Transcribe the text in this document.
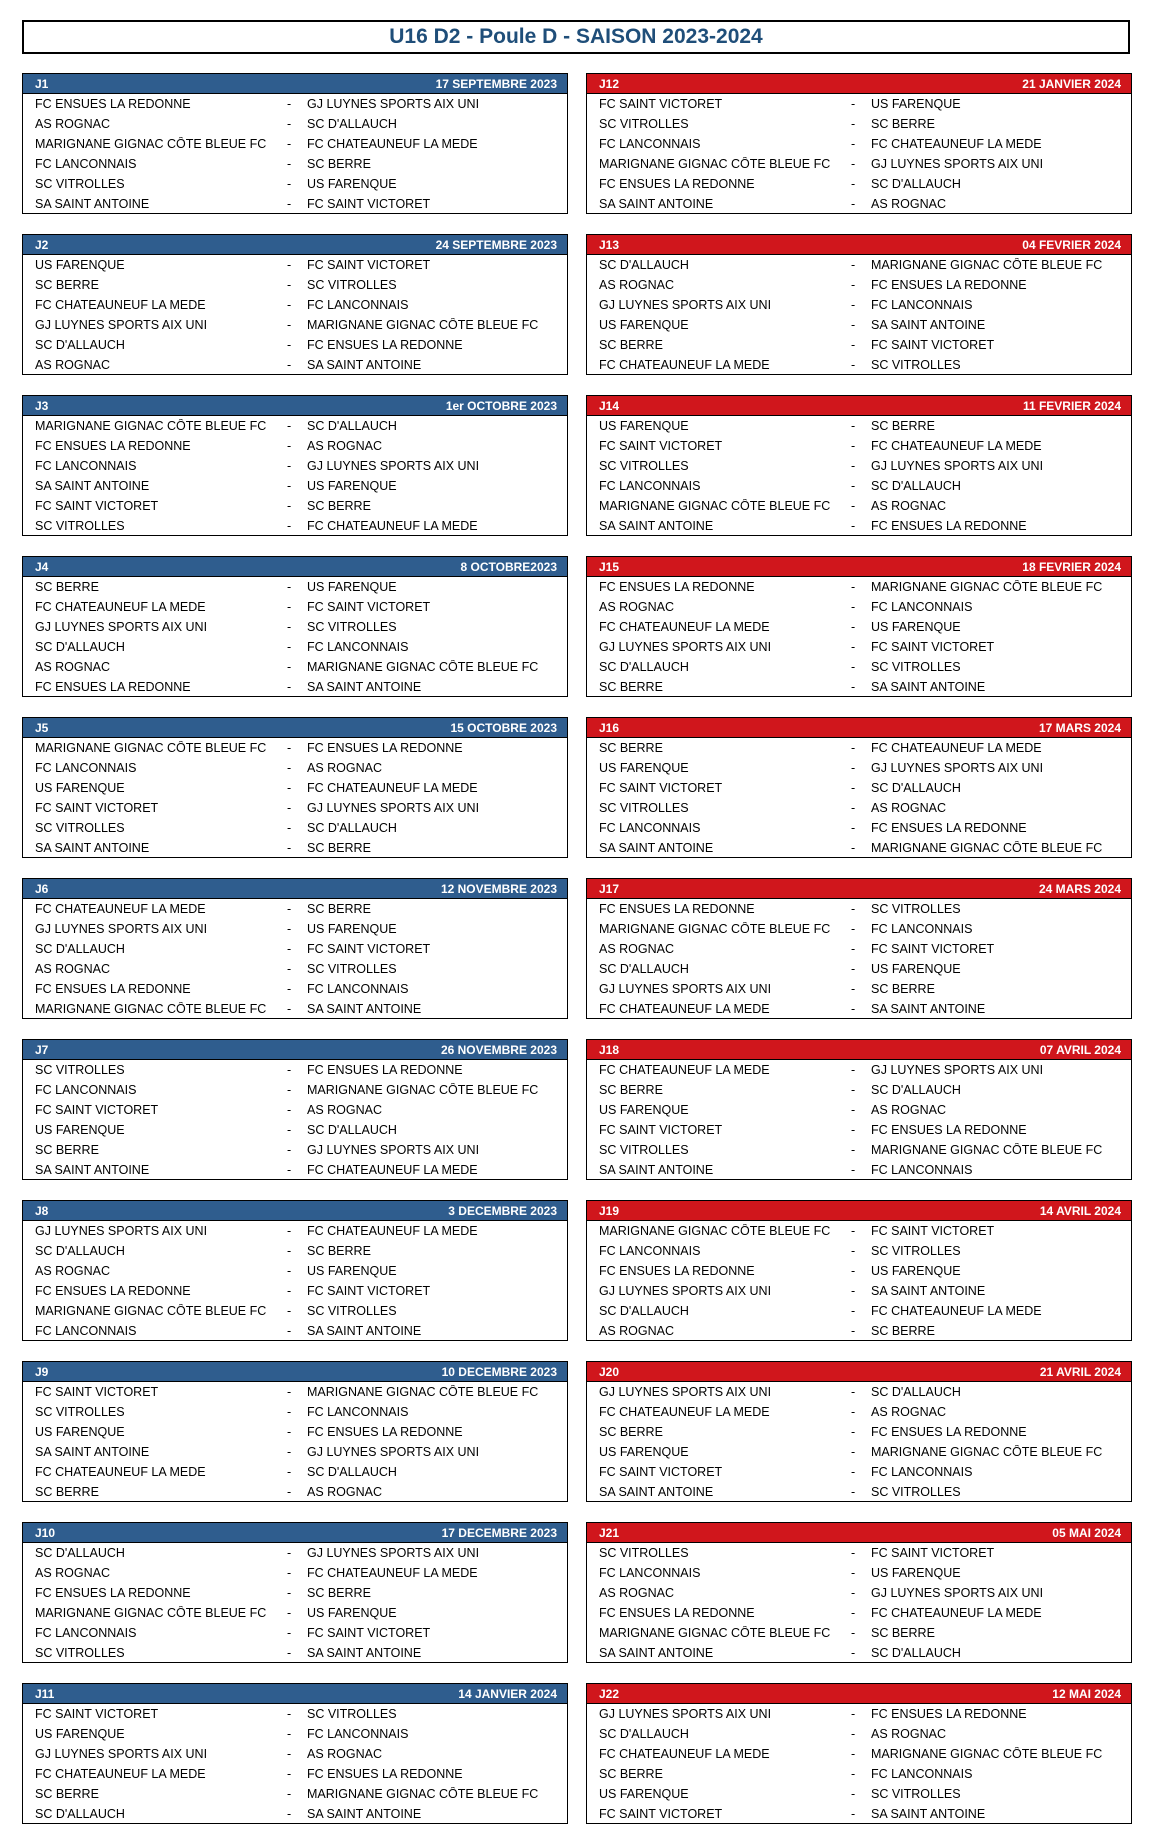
U16 D2 - Poule D - SAISON 2023-2024
J1	17 SEPTEMBRE 2023
FC ENSUES LA REDONNE	-	GJ LUYNES SPORTS AIX UNI
AS ROGNAC	-	SC D'ALLAUCH
MARIGNANE GIGNAC CÔTE BLEUE FC	-	FC CHATEAUNEUF LA MEDE
FC LANCONNAIS	-	SC BERRE
SC VITROLLES	-	US FARENQUE
SA SAINT ANTOINE	-	FC SAINT VICTORET
J12	21 JANVIER 2024
FC SAINT VICTORET	-	US FARENQUE
SC VITROLLES	-	SC BERRE
FC LANCONNAIS	-	FC CHATEAUNEUF LA MEDE
MARIGNANE GIGNAC CÔTE BLEUE FC	-	GJ LUYNES SPORTS AIX UNI
FC ENSUES LA REDONNE	-	SC D'ALLAUCH
SA SAINT ANTOINE	-	AS ROGNAC
J2	24 SEPTEMBRE 2023
US FARENQUE	-	FC SAINT VICTORET
SC BERRE	-	SC VITROLLES
FC CHATEAUNEUF LA MEDE	-	FC LANCONNAIS
GJ LUYNES SPORTS AIX UNI	-	MARIGNANE GIGNAC CÔTE BLEUE FC
SC D'ALLAUCH	-	FC ENSUES LA REDONNE
AS ROGNAC	-	SA SAINT ANTOINE
J13	04 FEVRIER 2024
SC D'ALLAUCH	-	MARIGNANE GIGNAC CÔTE BLEUE FC
AS ROGNAC	-	FC ENSUES LA REDONNE
GJ LUYNES SPORTS AIX UNI	-	FC LANCONNAIS
US FARENQUE	-	SA SAINT ANTOINE
SC BERRE	-	FC SAINT VICTORET
FC CHATEAUNEUF LA MEDE	-	SC VITROLLES
J3	1er OCTOBRE 2023
MARIGNANE GIGNAC CÔTE BLEUE FC	-	SC D'ALLAUCH
FC ENSUES LA REDONNE	-	AS ROGNAC
FC LANCONNAIS	-	GJ LUYNES SPORTS AIX UNI
SA SAINT ANTOINE	-	US FARENQUE
FC SAINT VICTORET	-	SC BERRE
SC VITROLLES	-	FC CHATEAUNEUF LA MEDE
J14	11 FEVRIER 2024
US FARENQUE	-	SC BERRE
FC SAINT VICTORET	-	FC CHATEAUNEUF LA MEDE
SC VITROLLES	-	GJ LUYNES SPORTS AIX UNI
FC LANCONNAIS	-	SC D'ALLAUCH
MARIGNANE GIGNAC CÔTE BLEUE FC	-	AS ROGNAC
SA SAINT ANTOINE	-	FC ENSUES LA REDONNE
J4	8 OCTOBRE2023
SC BERRE	-	US FARENQUE
FC CHATEAUNEUF LA MEDE	-	FC SAINT VICTORET
GJ LUYNES SPORTS AIX UNI	-	SC VITROLLES
SC D'ALLAUCH	-	FC LANCONNAIS
AS ROGNAC	-	MARIGNANE GIGNAC CÔTE BLEUE FC
FC ENSUES LA REDONNE	-	SA SAINT ANTOINE
J15	18 FEVRIER 2024
FC ENSUES LA REDONNE	-	MARIGNANE GIGNAC CÔTE BLEUE FC
AS ROGNAC	-	FC LANCONNAIS
FC CHATEAUNEUF LA MEDE	-	US FARENQUE
GJ LUYNES SPORTS AIX UNI	-	FC SAINT VICTORET
SC D'ALLAUCH	-	SC VITROLLES
SC BERRE	-	SA SAINT ANTOINE
J5	15 OCTOBRE 2023
MARIGNANE GIGNAC CÔTE BLEUE FC	-	FC ENSUES LA REDONNE
FC LANCONNAIS	-	AS ROGNAC
US FARENQUE	-	FC CHATEAUNEUF LA MEDE
FC SAINT VICTORET	-	GJ LUYNES SPORTS AIX UNI
SC VITROLLES	-	SC D'ALLAUCH
SA SAINT ANTOINE	-	SC BERRE
J16	17 MARS 2024
SC BERRE	-	FC CHATEAUNEUF LA MEDE
US FARENQUE	-	GJ LUYNES SPORTS AIX UNI
FC SAINT VICTORET	-	SC D'ALLAUCH
SC VITROLLES	-	AS ROGNAC
FC LANCONNAIS	-	FC ENSUES LA REDONNE
SA SAINT ANTOINE	-	MARIGNANE GIGNAC CÔTE BLEUE FC
J6	12 NOVEMBRE 2023
FC CHATEAUNEUF LA MEDE	-	SC BERRE
GJ LUYNES SPORTS AIX UNI	-	US FARENQUE
SC D'ALLAUCH	-	FC SAINT VICTORET
AS ROGNAC	-	SC VITROLLES
FC ENSUES LA REDONNE	-	FC LANCONNAIS
MARIGNANE GIGNAC CÔTE BLEUE FC	-	SA SAINT ANTOINE
J17	24 MARS 2024
FC ENSUES LA REDONNE	-	SC VITROLLES
MARIGNANE GIGNAC CÔTE BLEUE FC	-	FC LANCONNAIS
AS ROGNAC	-	FC SAINT VICTORET
SC D'ALLAUCH	-	US FARENQUE
GJ LUYNES SPORTS AIX UNI	-	SC BERRE
FC CHATEAUNEUF LA MEDE	-	SA SAINT ANTOINE
J7	26 NOVEMBRE 2023
SC VITROLLES	-	FC ENSUES LA REDONNE
FC LANCONNAIS	-	MARIGNANE GIGNAC CÔTE BLEUE FC
FC SAINT VICTORET	-	AS ROGNAC
US FARENQUE	-	SC D'ALLAUCH
SC BERRE	-	GJ LUYNES SPORTS AIX UNI
SA SAINT ANTOINE	-	FC CHATEAUNEUF LA MEDE
J18	07 AVRIL 2024
FC CHATEAUNEUF LA MEDE	-	GJ LUYNES SPORTS AIX UNI
SC BERRE	-	SC D'ALLAUCH
US FARENQUE	-	AS ROGNAC
FC SAINT VICTORET	-	FC ENSUES LA REDONNE
SC VITROLLES	-	MARIGNANE GIGNAC CÔTE BLEUE FC
SA SAINT ANTOINE	-	FC LANCONNAIS
J8	3 DECEMBRE 2023
GJ LUYNES SPORTS AIX UNI	-	FC CHATEAUNEUF LA MEDE
SC D'ALLAUCH	-	SC BERRE
AS ROGNAC	-	US FARENQUE
FC ENSUES LA REDONNE	-	FC SAINT VICTORET
MARIGNANE GIGNAC CÔTE BLEUE FC	-	SC VITROLLES
FC LANCONNAIS	-	SA SAINT ANTOINE
J19	14 AVRIL 2024
MARIGNANE GIGNAC CÔTE BLEUE FC	-	FC SAINT VICTORET
FC LANCONNAIS	-	SC VITROLLES
FC ENSUES LA REDONNE	-	US FARENQUE
GJ LUYNES SPORTS AIX UNI	-	SA SAINT ANTOINE
SC D'ALLAUCH	-	FC CHATEAUNEUF LA MEDE
AS ROGNAC	-	SC BERRE
J9	10 DECEMBRE 2023
FC SAINT VICTORET	-	MARIGNANE GIGNAC CÔTE BLEUE FC
SC VITROLLES	-	FC LANCONNAIS
US FARENQUE	-	FC ENSUES LA REDONNE
SA SAINT ANTOINE	-	GJ LUYNES SPORTS AIX UNI
FC CHATEAUNEUF LA MEDE	-	SC D'ALLAUCH
SC BERRE	-	AS ROGNAC
J20	21 AVRIL 2024
GJ LUYNES SPORTS AIX UNI	-	SC D'ALLAUCH
FC CHATEAUNEUF LA MEDE	-	AS ROGNAC
SC BERRE	-	FC ENSUES LA REDONNE
US FARENQUE	-	MARIGNANE GIGNAC CÔTE BLEUE FC
FC SAINT VICTORET	-	FC LANCONNAIS
SA SAINT ANTOINE	-	SC VITROLLES
J10	17 DECEMBRE 2023
SC D'ALLAUCH	-	GJ LUYNES SPORTS AIX UNI
AS ROGNAC	-	FC CHATEAUNEUF LA MEDE
FC ENSUES LA REDONNE	-	SC BERRE
MARIGNANE GIGNAC CÔTE BLEUE FC	-	US FARENQUE
FC LANCONNAIS	-	FC SAINT VICTORET
SC VITROLLES	-	SA SAINT ANTOINE
J21	05 MAI 2024
SC VITROLLES	-	FC SAINT VICTORET
FC LANCONNAIS	-	US FARENQUE
AS ROGNAC	-	GJ LUYNES SPORTS AIX UNI
FC ENSUES LA REDONNE	-	FC CHATEAUNEUF LA MEDE
MARIGNANE GIGNAC CÔTE BLEUE FC	-	SC BERRE
SA SAINT ANTOINE	-	SC D'ALLAUCH
J11	14 JANVIER 2024
FC SAINT VICTORET	-	SC VITROLLES
US FARENQUE	-	FC LANCONNAIS
GJ LUYNES SPORTS AIX UNI	-	AS ROGNAC
FC CHATEAUNEUF LA MEDE	-	FC ENSUES LA REDONNE
SC BERRE	-	MARIGNANE GIGNAC CÔTE BLEUE FC
SC D'ALLAUCH	-	SA SAINT ANTOINE
J22	12 MAI 2024
GJ LUYNES SPORTS AIX UNI	-	FC ENSUES LA REDONNE
SC D'ALLAUCH	-	AS ROGNAC
FC CHATEAUNEUF LA MEDE	-	MARIGNANE GIGNAC CÔTE BLEUE FC
SC BERRE	-	FC LANCONNAIS
US FARENQUE	-	SC VITROLLES
FC SAINT VICTORET	-	SA SAINT ANTOINE
